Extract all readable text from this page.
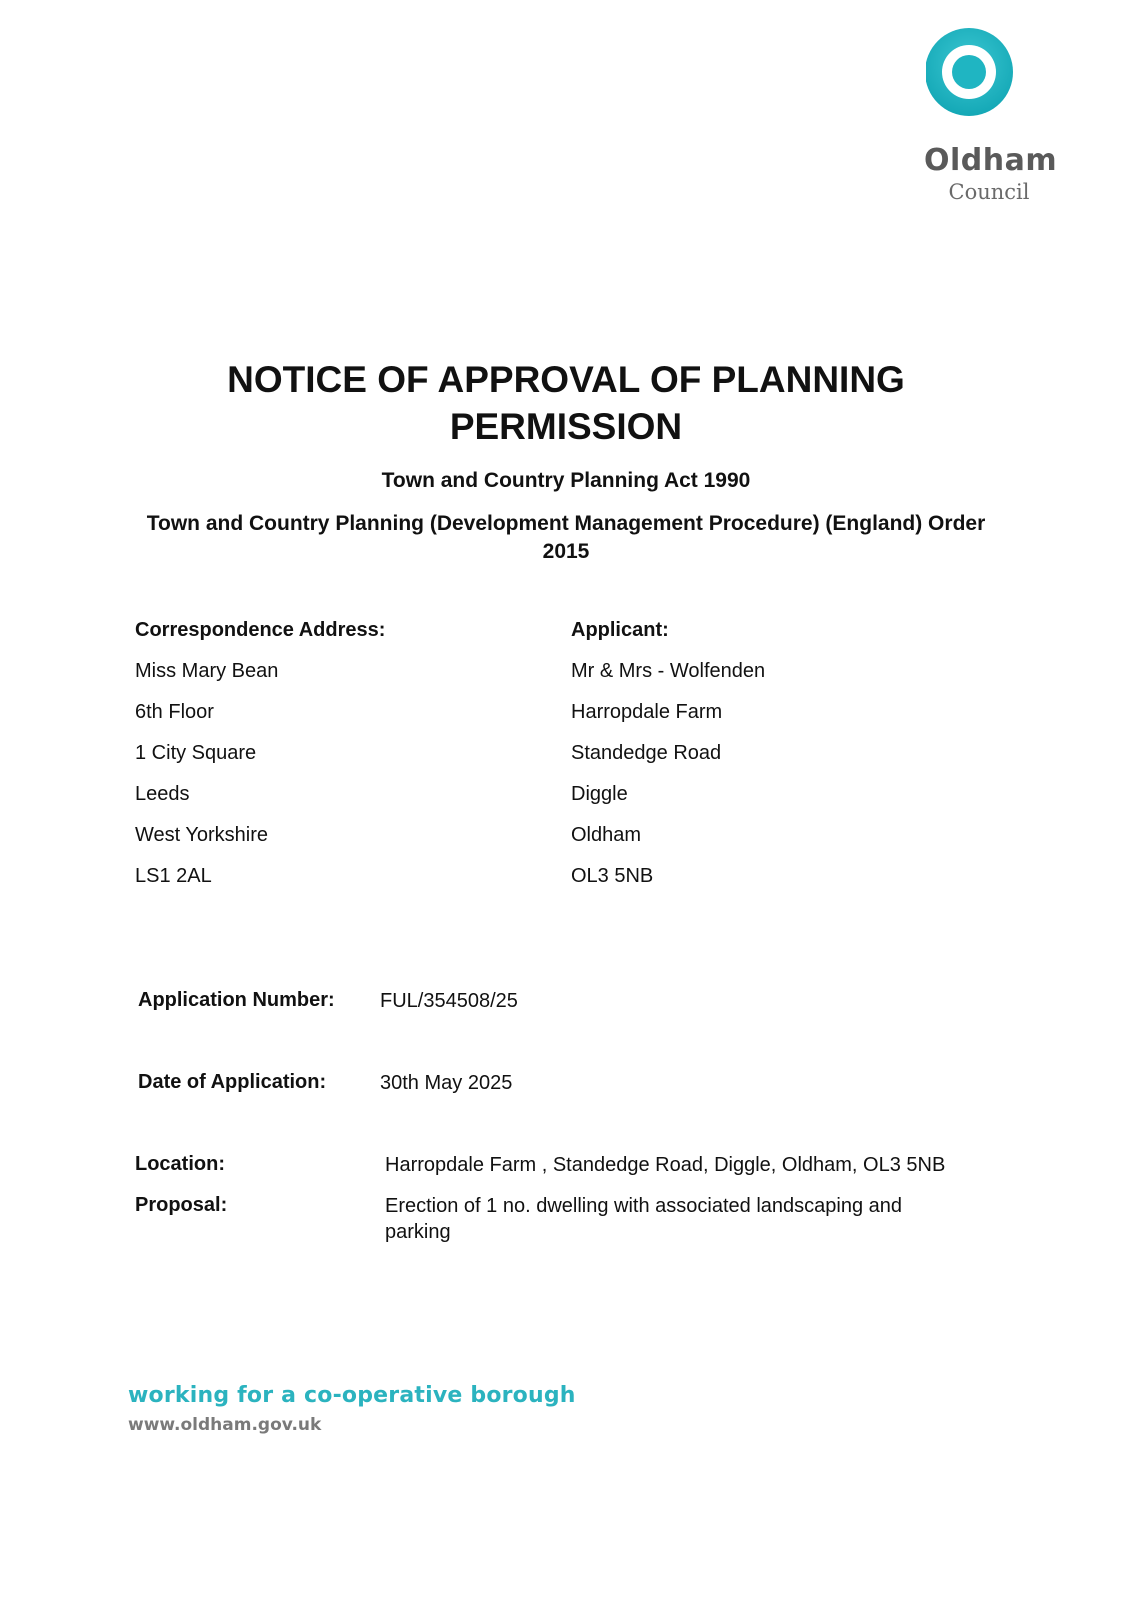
Oldham
Council
NOTICE OF APPROVAL OF PLANNING PERMISSION
Town and Country Planning Act 1990
Town and Country Planning (Development Management Procedure) (England) Order 2015
Correspondence Address:
Miss Mary Bean
6th Floor
1 City Square
Leeds
West Yorkshire
LS1 2AL
Applicant:
Mr & Mrs - Wolfenden
Harropdale Farm
Standedge Road
Diggle
Oldham
OL3 5NB
Application Number: FUL/354508/25
Date of Application:	30th May 2025
Location:	Harropdale Farm , Standedge Road, Diggle, Oldham, OL3 5NB
Proposal:	Erection of 1 no. dwelling with associated landscaping and parking
working for a co-operative borough
www.oldham.gov.uk
